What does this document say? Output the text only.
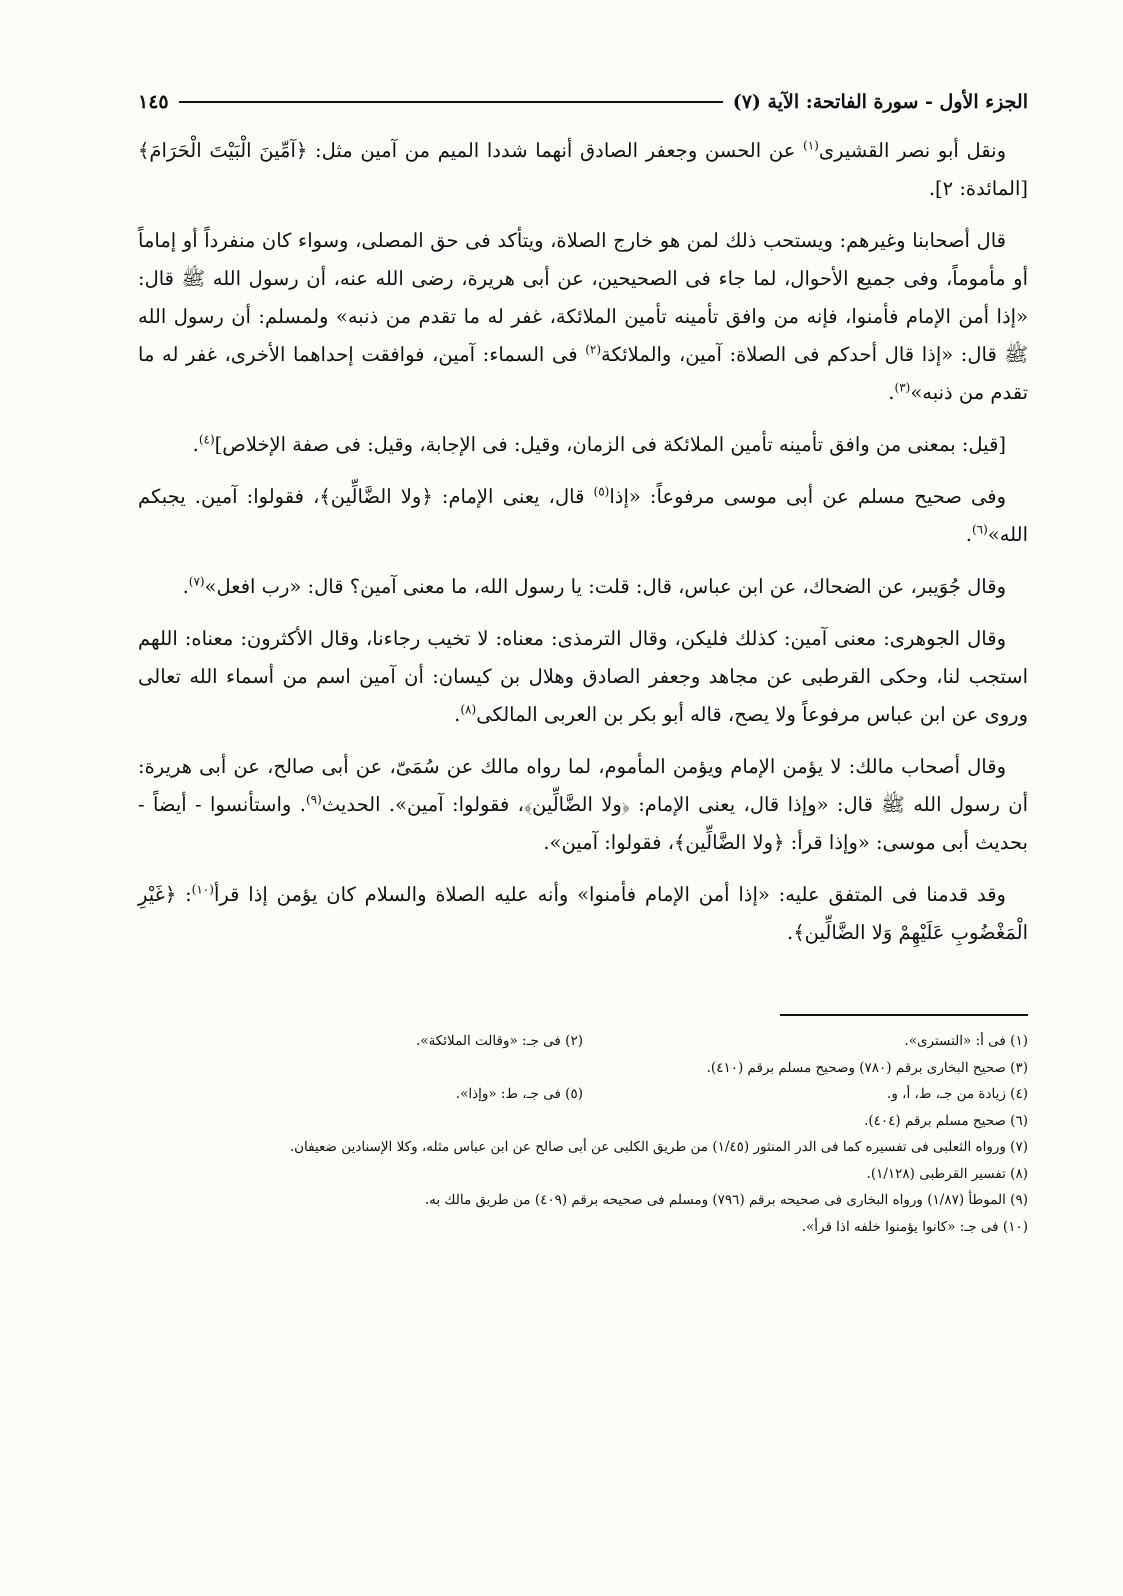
الجزء الأول - سورة الفاتحة: الآية (٧)
١٤٥

ونقل أبو نصر القشيرى$^{(١)}$ عن الحسن وجعفر الصادق أنهما شددا الميم من آمين مثل: ﴿آمِّينَ الْبَيْتَ الْحَرَامَ﴾ [المائدة: ٢].

قال أصحابنا وغيرهم: ويستحب ذلك لمن هو خارج الصلاة، ويتأكد فى حق المصلى، وسواء كان منفرداً أو إماماً أو مأموماً، وفى جميع الأحوال، لما جاء فى الصحيحين، عن أبى هريرة، رضى الله عنه، أن رسول الله ﷺ قال: «إذا أمن الإمام فأمنوا، فإنه من وافق تأمينه تأمين الملائكة، غفر له ما تقدم من ذنبه» ولمسلم: أن رسول الله ﷺ قال: «إذا قال أحدكم فى الصلاة: آمين، والملائكة$^{(٢)}$ فى السماء: آمين، فوافقت إحداهما الأخرى، غفر له ما تقدم من ذنبه»$^{(٣)}$.

[قيل: بمعنى من وافق تأمينه تأمين الملائكة فى الزمان، وقيل: فى الإجابة، وقيل: فى صفة الإخلاص]$^{(٤)}$.

وفى صحيح مسلم عن أبى موسى مرفوعاً: «إذا$^{(٥)}$ قال، يعنى الإمام: ﴿ولا الضَّالِّين﴾، فقولوا: آمين. يجبكم الله»$^{(٦)}$.

وقال جُوَيبر، عن الضحاك، عن ابن عباس، قال: قلت: يا رسول الله، ما معنى آمين؟ قال: «رب افعل»$^{(٧)}$.

وقال الجوهرى: معنى آمين: كذلك فليكن، وقال الترمذى: معناه: لا تخيب رجاءنا، وقال الأكثرون: معناه: اللهم استجب لنا، وحكى القرطبى عن مجاهد وجعفر الصادق وهلال بن كيسان: أن آمين اسم من أسماء الله تعالى وروى عن ابن عباس مرفوعاً ولا يصح، قاله أبو بكر بن العربى المالكى$^{(٨)}$.

وقال أصحاب مالك: لا يؤمن الإمام ويؤمن المأموم، لما رواه مالك عن سُمَىّ، عن أبى صالح، عن أبى هريرة: أن رسول الله ﷺ قال: «وإذا قال، يعنى الإمام: ﴿ولا الضَّالِّين﴾، فقولوا: آمين». الحديث$^{(٩)}$. واستأنسوا - أيضاً - بحديث أبى موسى: «وإذا قرأ: ﴿ولا الضَّالِّين﴾، فقولوا: آمين».

وقد قدمنا فى المتفق عليه: «إذا أمن الإمام فأمنوا» وأنه عليه الصلاة والسلام كان يؤمن إذا قرأ$^{(١٠)}$: ﴿غَيْرِ الْمَغْضُوبِ عَلَيْهِمْ وَلا الضَّالِّين﴾.

(١) فى أ: «التسترى».
(٢) فى جـ: «وقالت الملائكة».
(٣) صحيح البخارى برقم (٧٨٠) وصحيح مسلم برقم (٤١٠).
(٤) زيادة من جـ، ط، أ، و.
(٥) فى جـ، ط: «وإذا».
(٦) صحيح مسلم برقم (٤٠٤).
(٧) ورواه الثعلبى فى تفسيره كما فى الدر المنثور (١/٤٥) من طريق الكلبى عن أبى صالح عن ابن عباس مثله، وكلا الإسنادين ضعيفان.
(٨) تفسير القرطبى (١/١٢٨).
(٩) الموطأ (١/٨٧) ورواه البخارى فى صحيحه برقم (٧٩٦) ومسلم فى صحيحه برقم (٤٠٩) من طريق مالك به.
(١٠) فى جـ: «كانوا يؤمنوا خلفه اذا قرأ».
